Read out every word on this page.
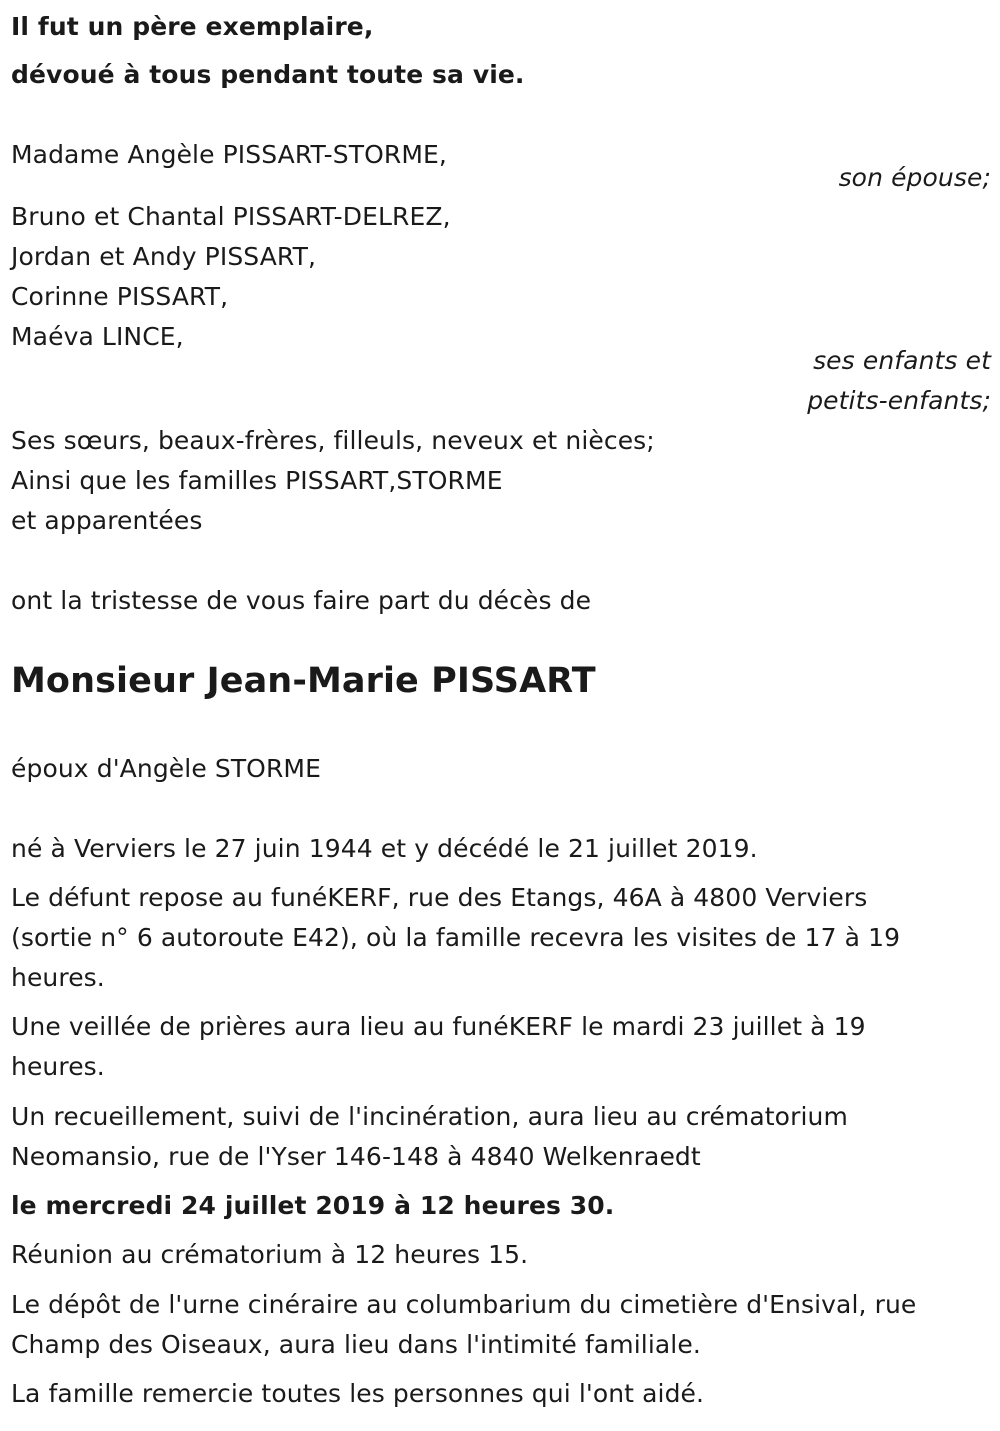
Il fut un père exemplaire,
dévoué à tous pendant toute sa vie.
Madame Angèle PISSART-STORME,
son épouse;
Bruno et Chantal PISSART-DELREZ,
Jordan et Andy PISSART,
Corinne PISSART,
Maéva LINCE,
ses enfants et
petits-enfants;
Ses sœurs, beaux-frères, filleuls, neveux et nièces;
Ainsi que les familles PISSART,STORME
et apparentées
ont la tristesse de vous faire part du décès de
Monsieur Jean-Marie PISSART
époux d'Angèle STORME
né à Verviers le 27 juin 1944 et y décédé le 21 juillet 2019.
Le défunt repose au funéKERF, rue des Etangs, 46A à 4800 Verviers
(sortie n° 6 autoroute E42), où la famille recevra les visites de 17 à 19
heures.
Une veillée de prières aura lieu au funéKERF le mardi 23 juillet à 19
heures.
Un recueillement, suivi de l'incinération, aura lieu au crématorium
Neomansio, rue de l'Yser 146-148 à 4840 Welkenraedt
le mercredi 24 juillet 2019 à 12 heures 30.
Réunion au crématorium à 12 heures 15.
Le dépôt de l'urne cinéraire au columbarium du cimetière d'Ensival, rue
Champ des Oiseaux, aura lieu dans l'intimité familiale.
La famille remercie toutes les personnes qui l'ont aidé.
